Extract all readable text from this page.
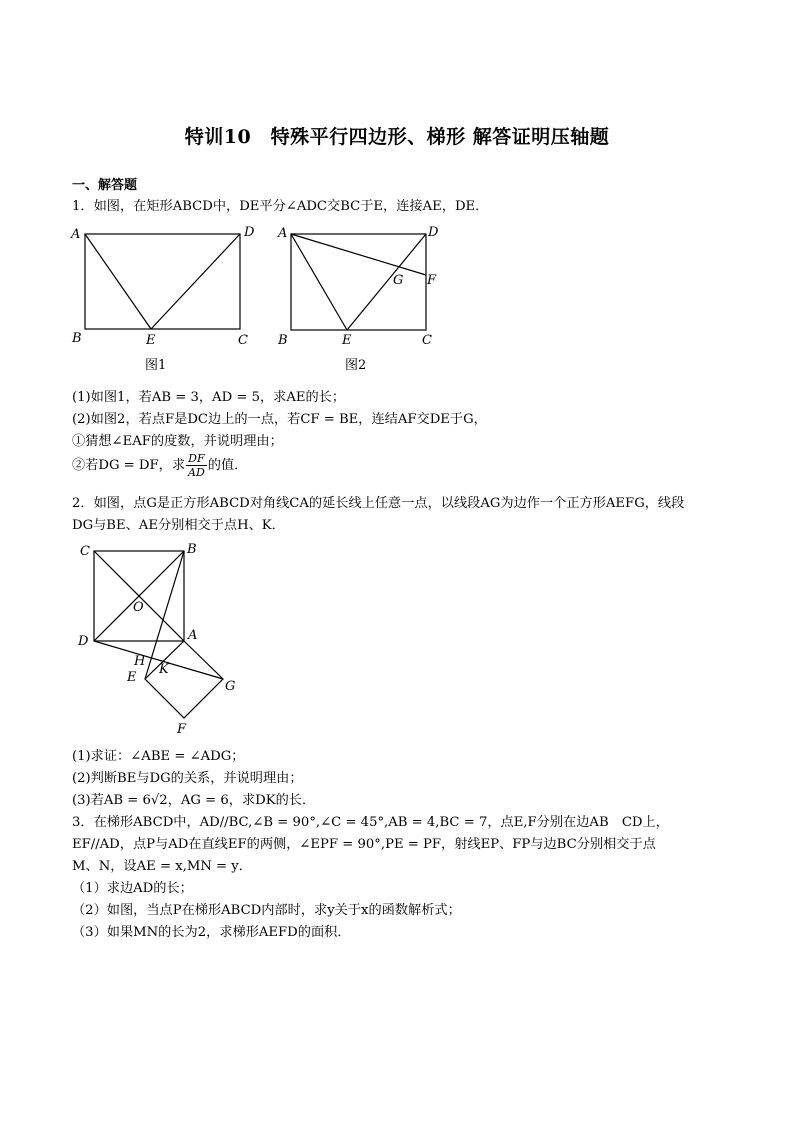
特训10　特殊平行四边形、梯形 解答证明压轴题
一、解答题
1．如图，在矩形ABCD中，DE平分∠ADC交BC于E，连接AE，DE．
A	D
B	C
E
图1
A	D
B	C
E
F
G
图2
(1)如图1，若AB = 3，AD = 5，求AE的长；
(2)如图2，若点F是DC边上的一点，若CF = BE，连结AF交DE于G，
①猜想∠EAF的度数，并说明理由；
②若DG = DF，求 $\frac{DF}{AD}$ 的值．
2．如图，点G是正方形ABCD对角线CA的延长线上任意一点，以线段AG为边作一个正方形AEFG，线段
DG与BE、AE分别相交于点H、K．
C	B
O
D	A
H
K
E
G
F
(1)求证：∠ABE = ∠ADG；
(2)判断BE与DG的关系，并说明理由；
(3)若AB = 6√2，AG = 6，求DK的长．
3．在梯形ABCD中，AD//BC,∠B = 90°,∠C = 45°,AB = 4,BC = 7，点E,F分别在边AB　CD上，
EF//AD，点P与AD在直线EF的两侧，∠EPF = 90°,PE = PF，射线EP、FP与边BC分别相交于点
M、N，设AE = x,MN = y．
（1）求边AD的长；
（2）如图，当点P在梯形ABCD内部时，求y关于x的函数解析式；
（3）如果MN的长为2，求梯形AEFD的面积．
